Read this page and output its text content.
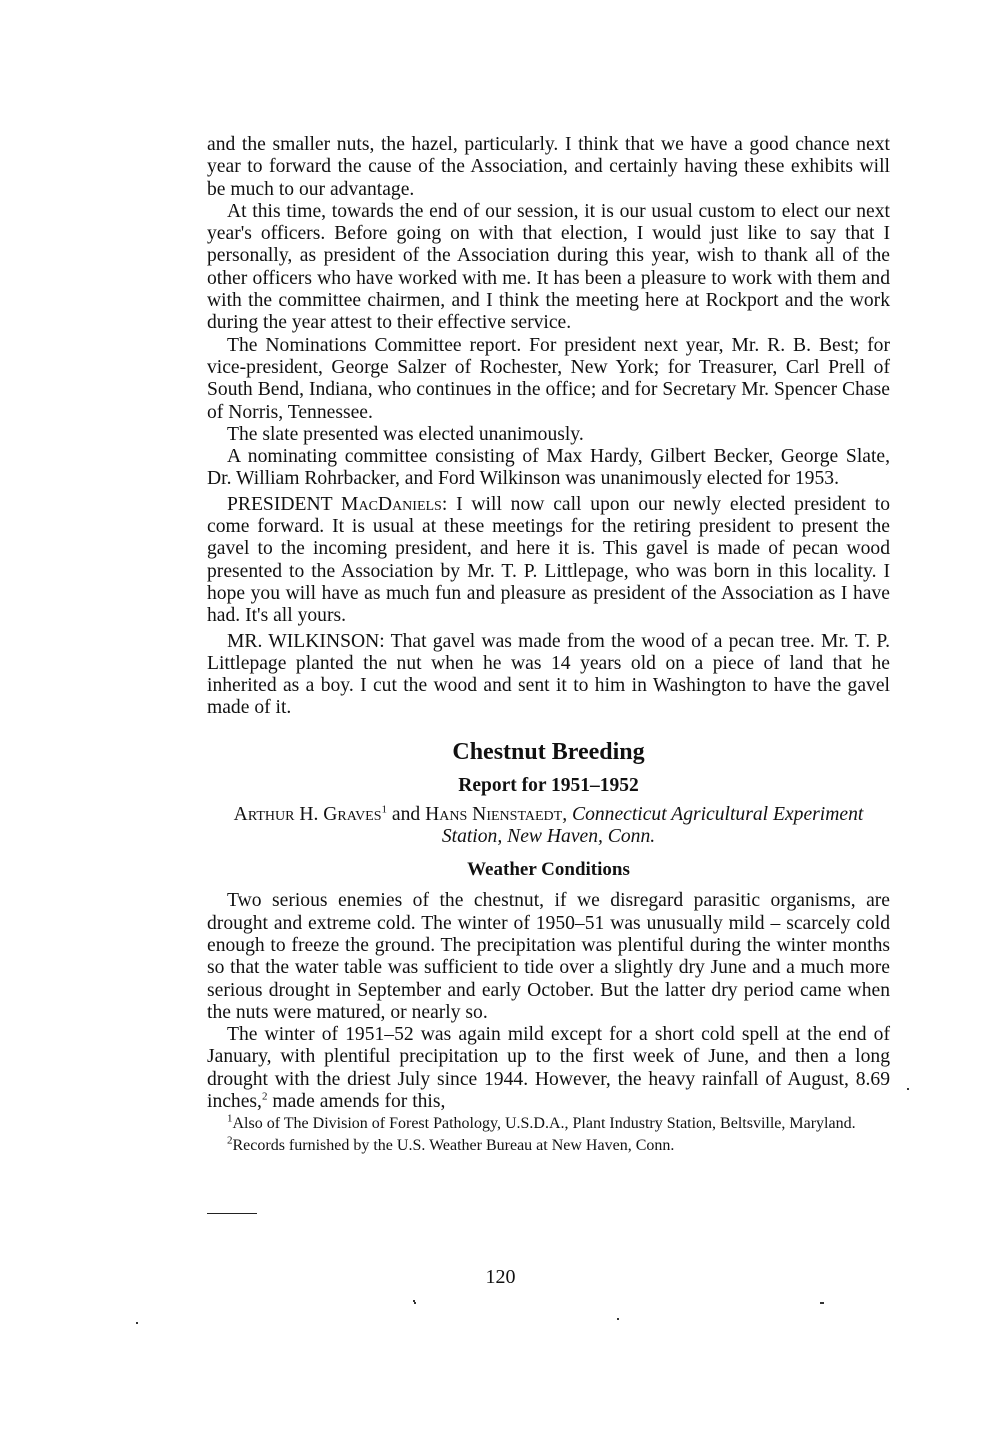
and the smaller nuts, the hazel, particularly. I think that we have a good chance next year to forward the cause of the Association, and certainly having these exhibits will be much to our advantage.

At this time, towards the end of our session, it is our usual custom to elect our next year's officers. Before going on with that election, I would just like to say that I personally, as president of the Association during this year, wish to thank all of the other officers who have worked with me. It has been a pleasure to work with them and with the committee chairmen, and I think the meeting here at Rockport and the work during the year attest to their effective service.

The Nominations Committee report. For president next year, Mr. R. B. Best; for vice-president, George Salzer of Rochester, New York; for Treasurer, Carl Prell of South Bend, Indiana, who continues in the office; and for Secretary Mr. Spencer Chase of Norris, Tennessee.

The slate presented was elected unanimously.

A nominating committee consisting of Max Hardy, Gilbert Becker, George Slate, Dr. William Rohrbacker, and Ford Wilkinson was unanimously elected for 1953.

PRESIDENT MacDaniels: I will now call upon our newly elected president to come forward. It is usual at these meetings for the retiring president to present the gavel to the incoming president, and here it is. This gavel is made of pecan wood presented to the Association by Mr. T. P. Littlepage, who was born in this locality. I hope you will have as much fun and pleasure as president of the Association as I have had. It's all yours.

MR. WILKINSON: That gavel was made from the wood of a pecan tree. Mr. T. P. Littlepage planted the nut when he was 14 years old on a piece of land that he inherited as a boy. I cut the wood and sent it to him in Washington to have the gavel made of it.

Chestnut Breeding
Report for 1951–1952
Arthur H. Graves$^1$ and Hans Nienstaedt, Connecticut Agricultural Experiment Station, New Haven, Conn.
Weather Conditions

Two serious enemies of the chestnut, if we disregard parasitic organisms, are drought and extreme cold. The winter of 1950–51 was unusually mild – scarcely cold enough to freeze the ground. The precipitation was plentiful during the winter months so that the water table was sufficient to tide over a slightly dry June and a much more serious drought in September and early October. But the latter dry period came when the nuts were matured, or nearly so.

The winter of 1951–52 was again mild except for a short cold spell at the end of January, with plentiful precipitation up to the first week of June, and then a long drought with the driest July since 1944. However, the heavy rainfall of August, 8.69 inches,$^2$ made amends for this,

$^1$Also of The Division of Forest Pathology, U.S.D.A., Plant Industry Station, Beltsville, Maryland.

$^2$Records furnished by the U.S. Weather Bureau at New Haven, Conn.

120
